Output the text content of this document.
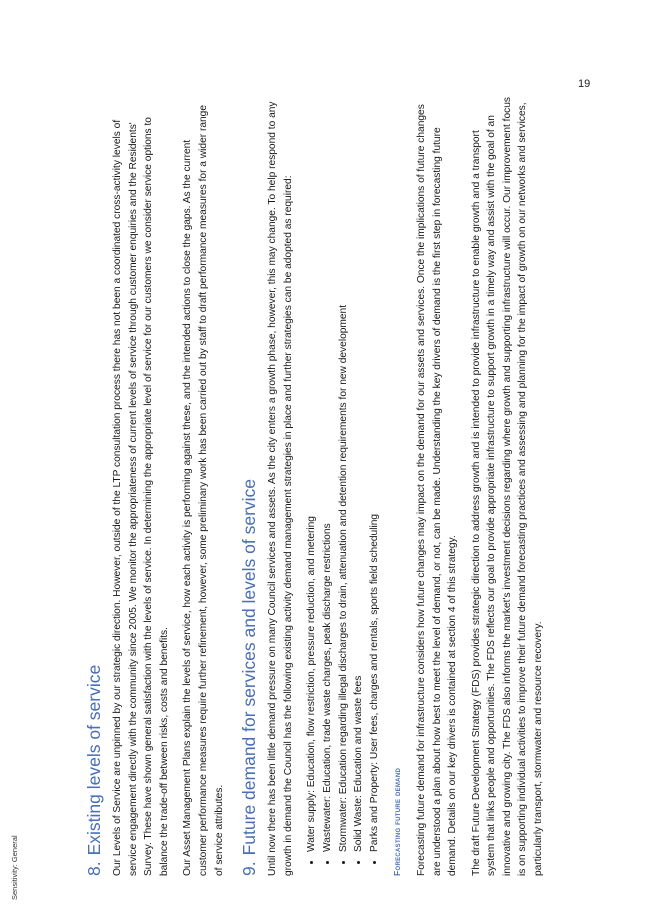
Sensitivity: General
19
8.Existing levels of service Our Levels of Service are unpinned by our strategic direction. However, outside of the LTP consultation process there has not been a coordinated cross-activity levels of service engagement directly with the community since 2005. We monitor the appropriateness of current levels of service through customer enquiries and the Residents' Survey. These have shown general satisfaction with the levels of service. In determining the appropriate level of service for our customers we consider service options to balance the trade-off between risks, costs and benefits. Our Asset Management Plans explain the levels of service, how each activity is performing against these, and the intended actions to close the gaps. As the current customer performance measures require further refinement, however, some preliminary work has been carried out by staff to draft performance measures for a wider range of service attributes. 9.Future demand for services and levels of service Until now there has been little demand pressure on many Council services and assets. As the city enters a growth phase, however, this may change. To help respond to any growth in demand the Council has the following existing activity demand management strategies in place and further strategies can be adopted as required: • Water supply: Education, flow restriction, pressure reduction, and metering • Wastewater: Education, trade waste charges, peak discharge restrictions • Stormwater: Education regarding illegal discharges to drain, attenuation and detention requirements for new development • Solid Waste: Education and waste fees • Parks and Property: User fees, charges and rentals, sports field scheduling	Forecasting future demand	Forecasting future demand for infrastructure considers how future changes may impact on the demand for our assets and services. Once the implications of future changes are understood a plan about how best to meet the level of demand, or not, can be made. Understanding the key drivers of demand is the first step in forecasting future demand. Details on our key drivers is contained at section 4 of this strategy. The draft Future Development Strategy (FDS) provides strategic direction to address growth and is intended to provide infrastructure to enable growth and a transport system that links people and opportunities. The FDS reflects our goal to provide appropriate infrastructure to support growth in a timely way and assist with the goal of an innovative and growing city. The FDS also informs the market's investment decisions regarding where growth and supporting infrastructure will occur. Our improvement focus is on supporting individual activities to improve their future demand forecasting practices and assessing and planning for the impact of growth on our networks and services, particularly transport, stormwater and resource recovery.
